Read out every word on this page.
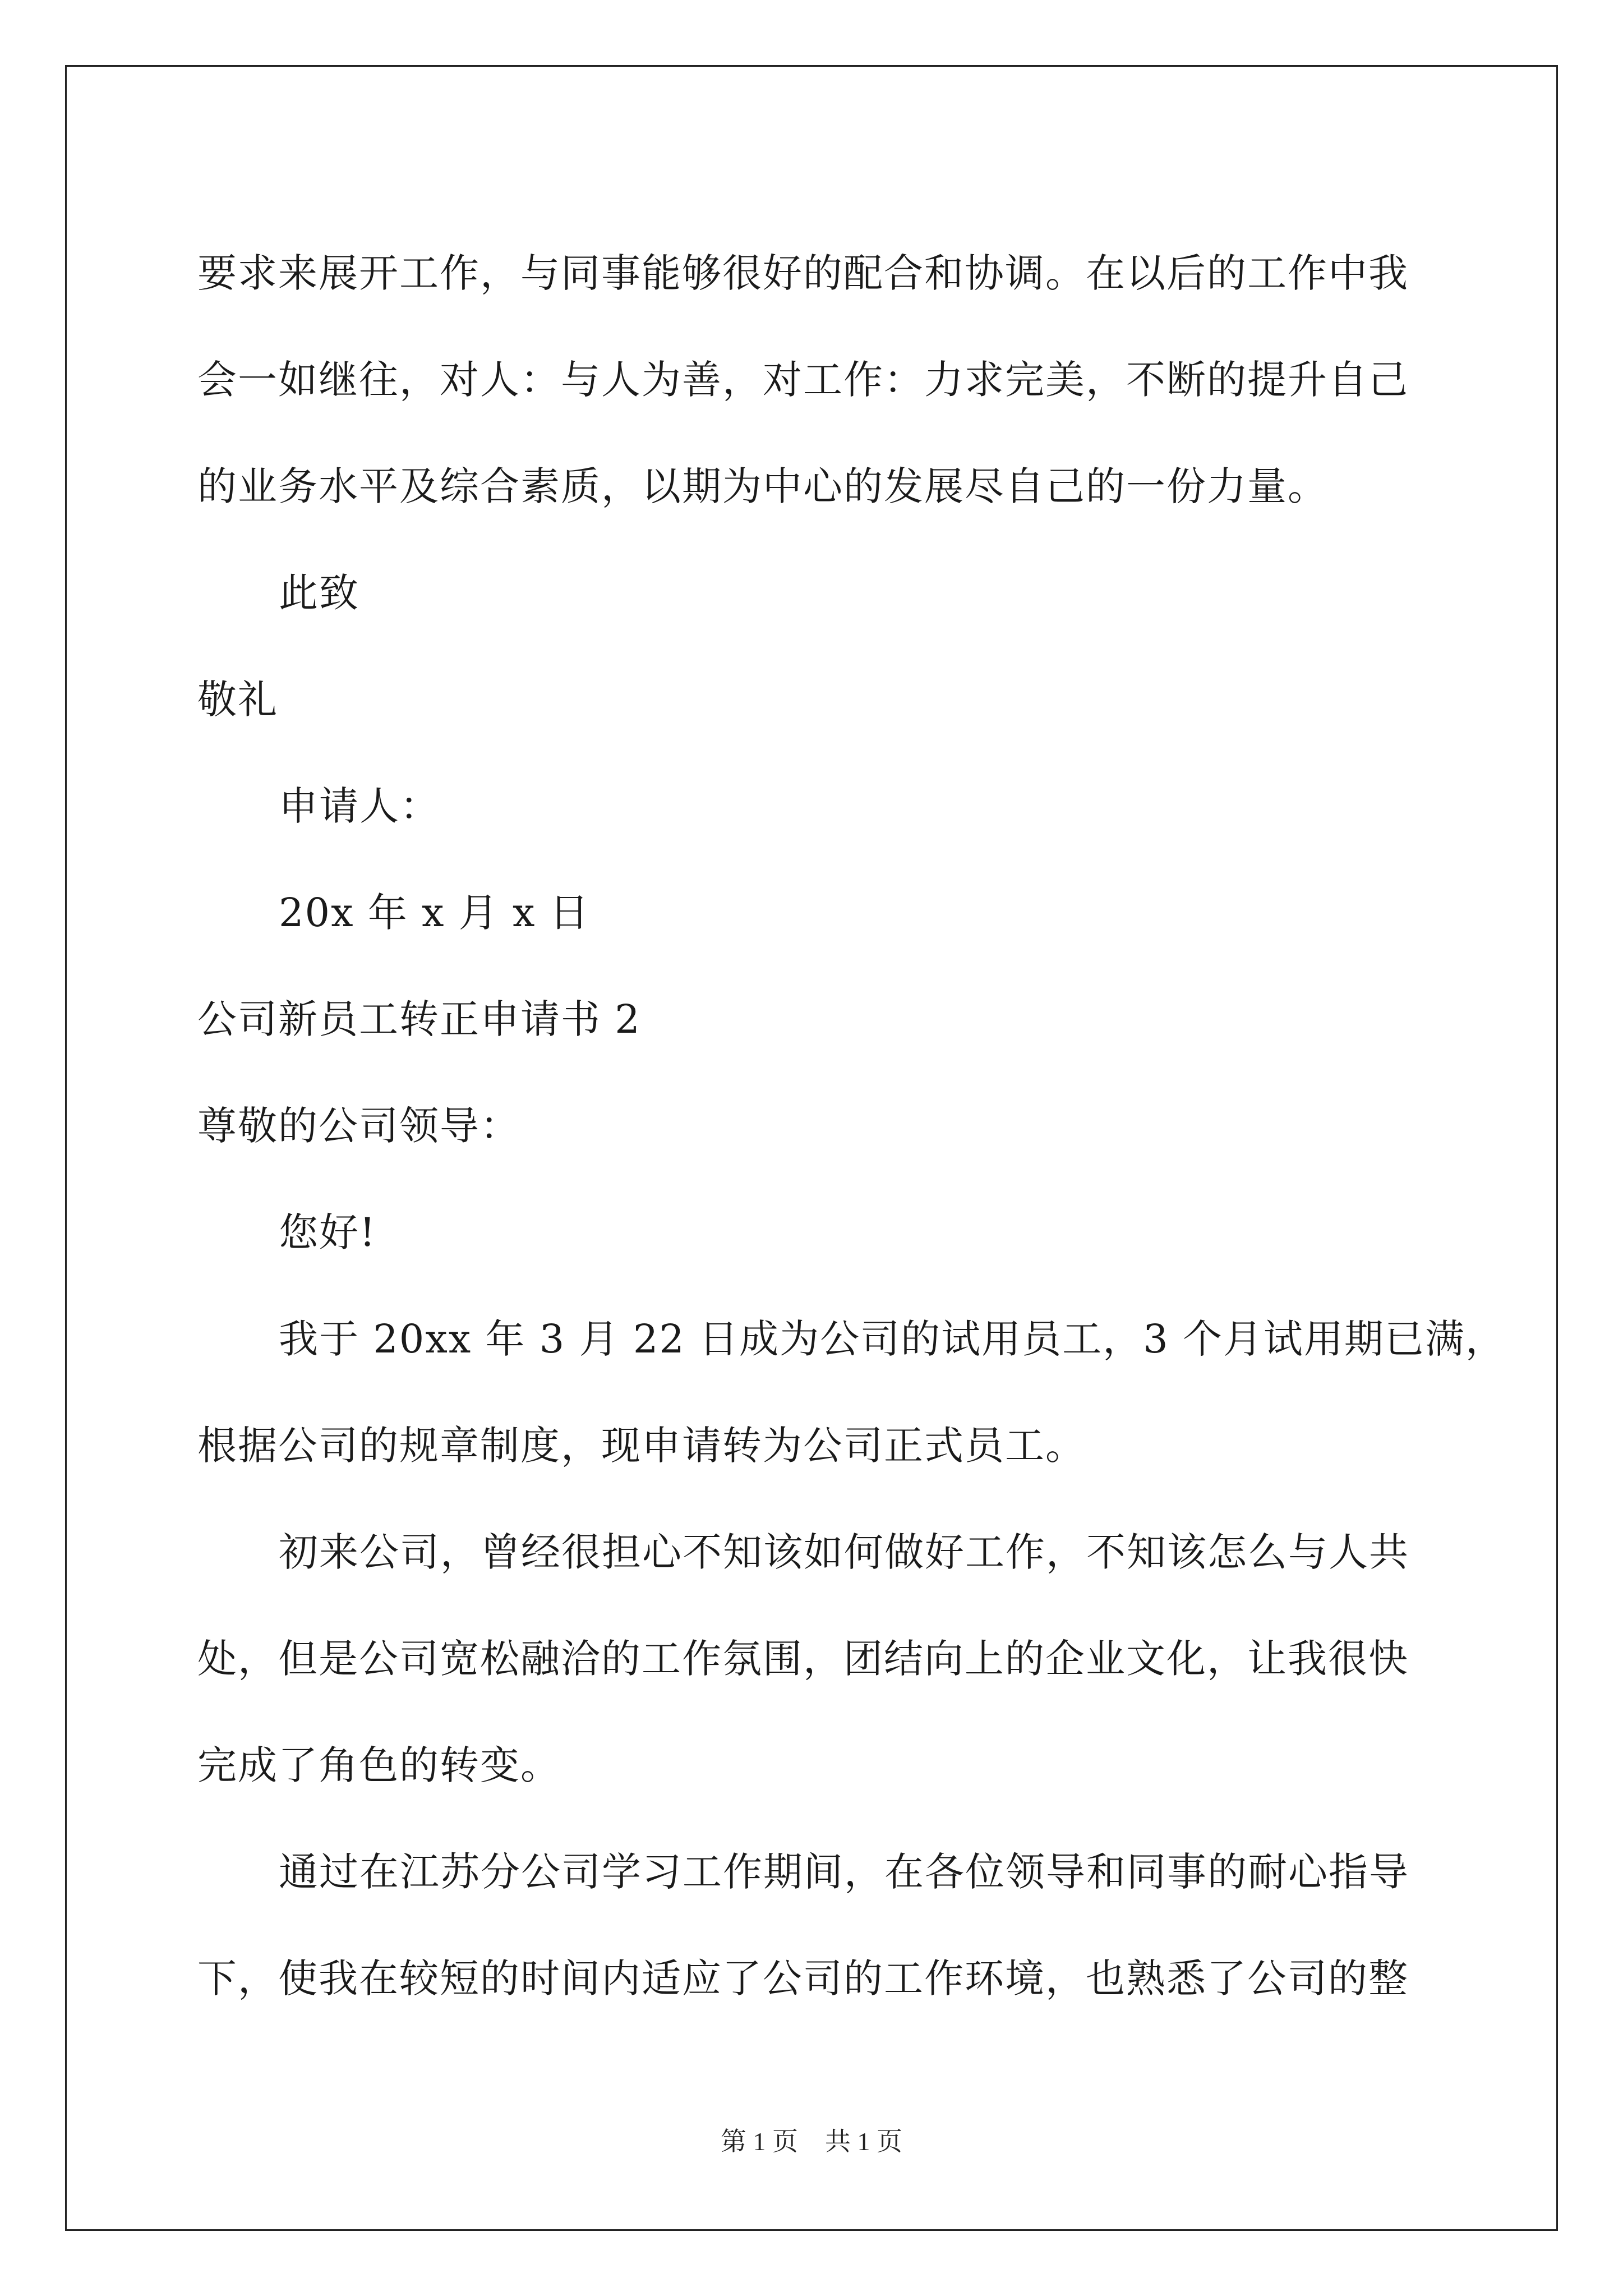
要求来展开工作，与同事能够很好的配合和协调。在以后的工作中我
会一如继往，对人：与人为善，对工作：力求完美，不断的提升自己
的业务水平及综合素质，以期为中心的发展尽自己的一份力量。
此致
敬礼
申请人：
20x 年 x 月 x 日
公司新员工转正申请书 2
尊敬的公司领导：
您好!
我于 20xx 年 3 月 22 日成为公司的试用员工，3 个月试用期已满，
根据公司的规章制度，现申请转为公司正式员工。
初来公司，曾经很担心不知该如何做好工作，不知该怎么与人共
处，但是公司宽松融洽的工作氛围，团结向上的企业文化，让我很快
完成了角色的转变。
通过在江苏分公司学习工作期间，在各位领导和同事的耐心指导
下，使我在较短的时间内适应了公司的工作环境，也熟悉了公司的整
第 1 页 共 1 页
